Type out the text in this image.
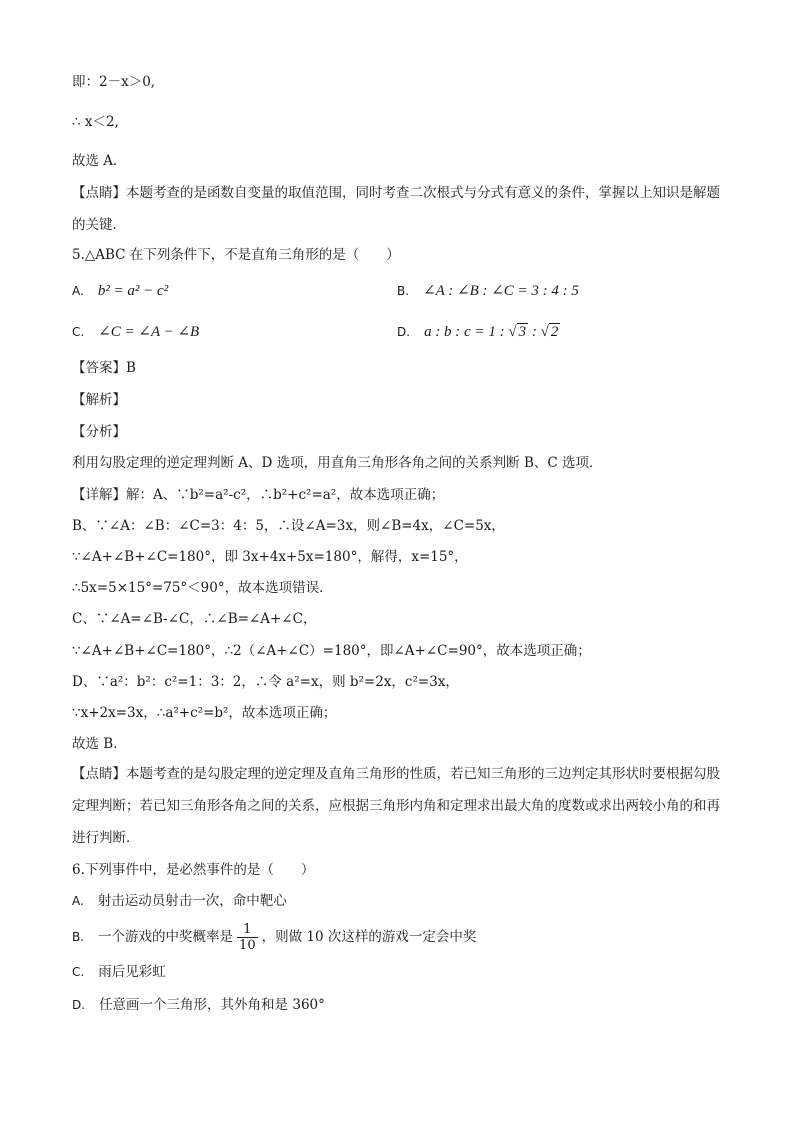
即：2－x＞0,
∴ x＜2,
故选 A．
【点睛】本题考查的是函数自变量的取值范围，同时考查二次根式与分式有意义的条件，掌握以上知识是解题的关键．
5.△ABC 在下列条件下，不是直角三角形的是（　　）
A. b² = a² − c²	B. ∠A : ∠B : ∠C = 3 : 4 : 5
C. ∠C = ∠A − ∠B	D. a : b : c = 1 : √ 3 : √ 2
【答案】B
【解析】
【分析】
利用勾股定理的逆定理判断 A、D 选项，用直角三角形各角之间的关系判断 B、C 选项．
【详解】解：A、∵b²=a²-c²，∴b²+c²=a²，故本选项正确；
B、∵∠A：∠B：∠C=3：4：5，∴设∠A=3x，则∠B=4x，∠C=5x，
∵∠A+∠B+∠C=180°，即 3x+4x+5x=180°，解得，x=15°，
∴5x=5×15°=75°＜90°，故本选项错误．
C、∵∠A=∠B-∠C，∴∠B=∠A+∠C，
∵∠A+∠B+∠C=180°，∴2（∠A+∠C）=180°，即∠A+∠C=90°，故本选项正确；
D、∵a²：b²：c²=1：3：2，∴令 a²=x，则 b²=2x，c²=3x，
∵x+2x=3x，∴a²+c²=b²，故本选项正确；
故选 B．
【点睛】本题考查的是勾股定理的逆定理及直角三角形的性质，若已知三角形的三边判定其形状时要根据勾股定理判断；若已知三角形各角之间的关系，应根据三角形内角和定理求出最大角的度数或求出两较小角的和再进行判断．
6.下列事件中，是必然事件的是（　　）
A. 射击运动员射击一次，命中靶心
B. 一个游戏的中奖概率是 $\frac{1}{10}$ ，则做 10 次这样的游戏一定会中奖
C. 雨后见彩虹
D. 任意画一个三角形，其外角和是 360°
